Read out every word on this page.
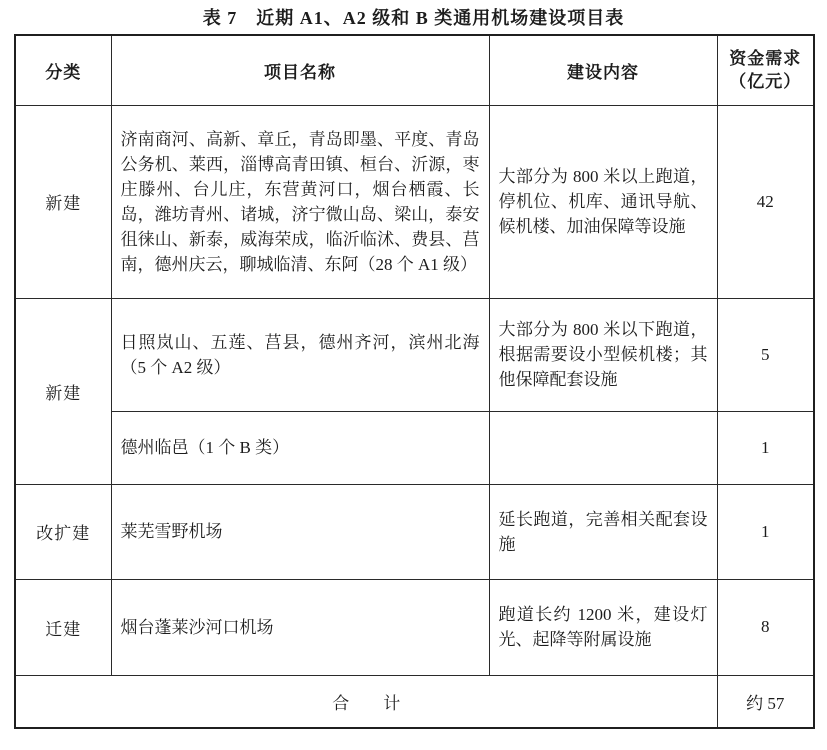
表 7　近期 A1、A2 级和 B 类通用机场建设项目表
分类	项目名称	建设内容	资金需求
（亿元）

新建	济南商河、高新、章丘，青岛即墨、平度、青岛公务机、莱西，淄博高青田镇、桓台、沂源，枣庄滕州、台儿庄，东营黄河口，烟台栖霞、长岛，潍坊青州、诸城，济宁微山岛、梁山，泰安徂徕山、新泰，威海荣成，临沂临沭、费县、莒南，德州庆云，聊城临清、东阿（28 个 A1 级）	大部分为 800 米以上跑道，停机位、机库、通讯导航、候机楼、加油保障等设施	42
新建	日照岚山、五莲、莒县，德州齐河，滨州北海（5 个 A2 级）	大部分为 800 米以下跑道，根据需要设小型候机楼；其他保障配套设施	5
	德州临邑（1 个 B 类）		1
改扩建	莱芜雪野机场	延长跑道，完善相关配套设施	1
迁建	烟台蓬莱沙河口机场	跑道长约 1200 米，建设灯光、起降等附属设施	8
合　　计			约 57
